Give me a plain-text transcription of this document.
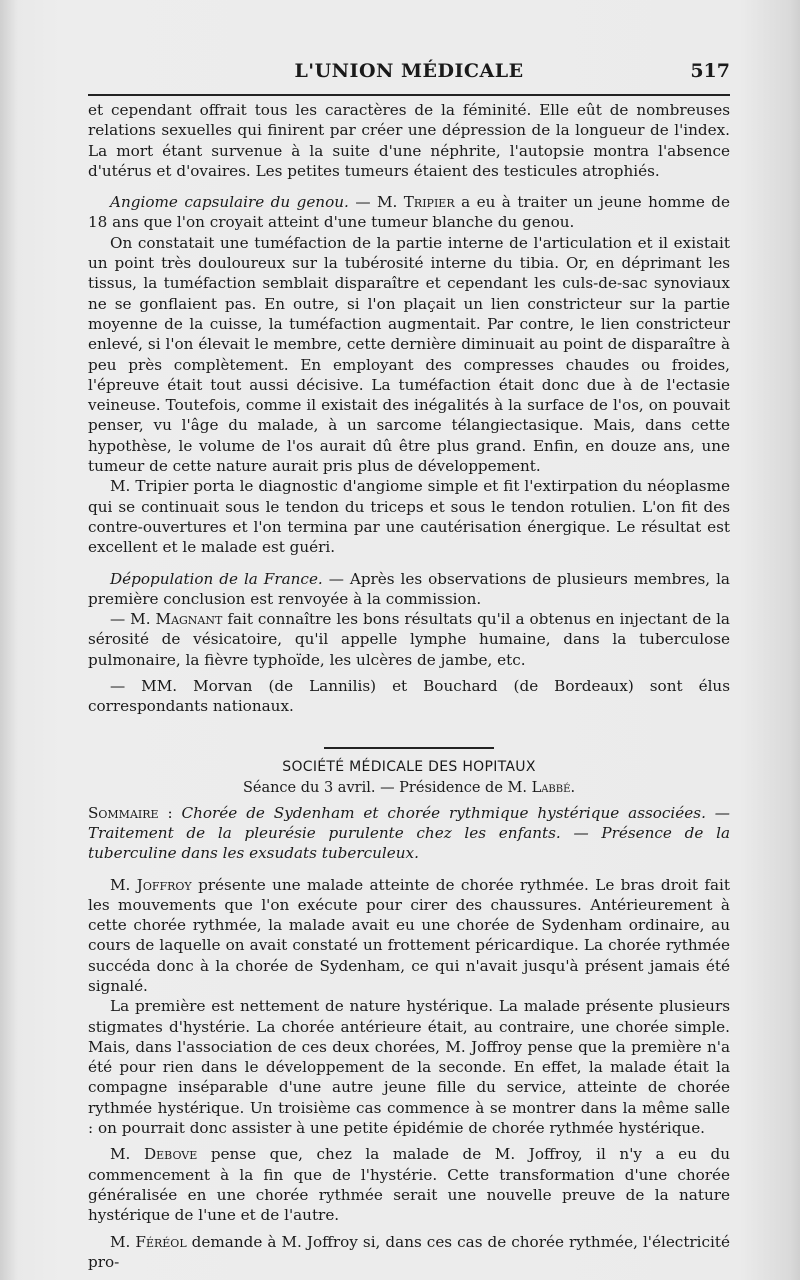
L'UNION MÉDICALE	517

et cependant offrait tous les caractères de la féminité. Elle eût de nombreuses relations sexuelles qui finirent par créer une dépression de la longueur de l'index. La mort étant survenue à la suite d'une néphrite, l'autopsie montra l'absence d'utérus et d'ovaires. Les petites tumeurs étaient des testicules atrophiés.

Angiome capsulaire du genou. — M. Tripier a eu à traiter un jeune homme de 18 ans que l'on croyait atteint d'une tumeur blanche du genou.

On constatait une tuméfaction de la partie interne de l'articulation et il existait un point très douloureux sur la tubérosité interne du tibia. Or, en déprimant les tissus, la tuméfaction semblait disparaître et cependant les culs-de-sac synoviaux ne se gonflaient pas. En outre, si l'on plaçait un lien constricteur sur la partie moyenne de la cuisse, la tuméfaction augmentait. Par contre, le lien constricteur enlevé, si l'on élevait le membre, cette dernière diminuait au point de disparaître à peu près complètement. En employant des compresses chaudes ou froides, l'épreuve était tout aussi décisive. La tuméfaction était donc due à de l'ectasie veineuse. Toutefois, comme il existait des inégalités à la surface de l'os, on pouvait penser, vu l'âge du malade, à un sarcome télangiectasique. Mais, dans cette hypothèse, le volume de l'os aurait dû être plus grand. Enfin, en douze ans, une tumeur de cette nature aurait pris plus de développement.

M. Tripier porta le diagnostic d'angiome simple et fit l'extirpation du néoplasme qui se continuait sous le tendon du triceps et sous le tendon rotulien. L'on fit des contre-ouvertures et l'on termina par une cautérisation énergique. Le résultat est excellent et le malade est guéri.

Dépopulation de la France. — Après les observations de plusieurs membres, la première conclusion est renvoyée à la commission.

— M. Magnant fait connaître les bons résultats qu'il a obtenus en injectant de la sérosité de vésicatoire, qu'il appelle lymphe humaine, dans la tuberculose pulmonaire, la fièvre typhoïde, les ulcères de jambe, etc.

— MM. Morvan (de Lannilis) et Bouchard (de Bordeaux) sont élus correspondants nationaux.

SOCIÉTÉ MÉDICALE DES HOPITAUX
Séance du 3 avril. — Présidence de M. Labbé.

Sommaire : Chorée de Sydenham et chorée rythmique hystérique associées. — Traitement de la pleurésie purulente chez les enfants. — Présence de la tuberculine dans les exsudats tuberculeux.

M. Joffroy présente une malade atteinte de chorée rythmée. Le bras droit fait les mouvements que l'on exécute pour cirer des chaussures. Antérieurement à cette chorée rythmée, la malade avait eu une chorée de Sydenham ordinaire, au cours de laquelle on avait constaté un frottement péricardique. La chorée rythmée succéda donc à la chorée de Sydenham, ce qui n'avait jusqu'à présent jamais été signalé.

La première est nettement de nature hystérique. La malade présente plusieurs stigmates d'hystérie. La chorée antérieure était, au contraire, une chorée simple. Mais, dans l'association de ces deux chorées, M. Joffroy pense que la première n'a été pour rien dans le développement de la seconde. En effet, la malade était la compagne inséparable d'une autre jeune fille du service, atteinte de chorée rythmée hystérique. Un troisième cas commence à se montrer dans la même salle : on pourrait donc assister à une petite épidémie de chorée rythmée hystérique.

M. Debove pense que, chez la malade de M. Joffroy, il n'y a eu du commencement à la fin que de l'hystérie. Cette transformation d'une chorée généralisée en une chorée rythmée serait une nouvelle preuve de la nature hystérique de l'une et de l'autre.

M. Féréol demande à M. Joffroy si, dans ces cas de chorée rythmée, l'électricité pro-
